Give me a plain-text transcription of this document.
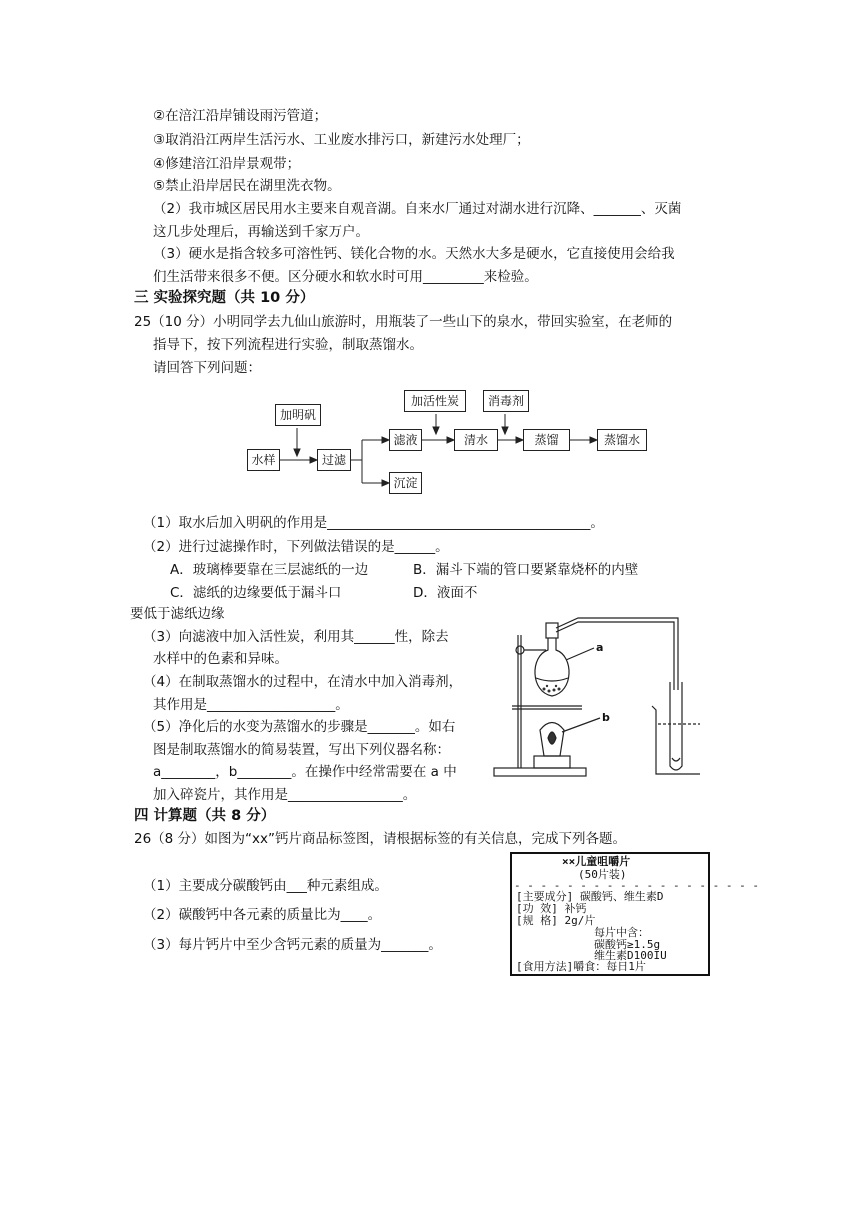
②在涪江沿岸铺设雨污管道；
③取消沿江两岸生活污水、工业废水排污口，新建污水处理厂；
④修建涪江沿岸景观带；
⑤禁止沿岸居民在湖里洗衣物。
（2）我市城区居民用水主要来自观音湖。自来水厂通过对湖水进行沉降、_______、灭菌
这几步处理后，再输送到千家万户。
（3）硬水是指含较多可溶性钙、镁化合物的水。天然水大多是硬水，它直接使用会给我
们生活带来很多不便。区分硬水和软水时可用_________来检验。
三 实验探究题（共 10 分）
25（10 分）小明同学去九仙山旅游时，用瓶装了一些山下的泉水，带回实验室，在老师的
指导下，按下列流程进行实验，制取蒸馏水。
请回答下列问题：
加明矾
加活性炭	消毒剂
水样	过滤
滤液	清水	蒸馏	蒸馏水
沉淀
（1）取水后加入明矾的作用是_______________________________________。
（2）进行过滤操作时，下列做法错误的是______。
A．玻璃棒要靠在三层滤纸的一边	B．漏斗下端的管口要紧靠烧杯的内壁
C．滤纸的边缘要低于漏斗口	D．液面不
要低于滤纸边缘
（3）向滤液中加入活性炭，利用其______性，除去
水样中的色素和异味。
（4）在制取蒸馏水的过程中，在清水中加入消毒剂，
其作用是___________________。
（5）净化后的水变为蒸馏水的步骤是_______。如右
图是制取蒸馏水的简易装置，写出下列仪器名称：
a________，b________。在操作中经常需要在 a 中
加入碎瓷片，其作用是_________________。
a
b
四 计算题（共 8 分）
26（8 分）如图为“xx”钙片商品标签图，请根据标签的有关信息，完成下列各题。
（1）主要成分碳酸钙由___种元素组成。
（2）碳酸钙中各元素的质量比为____。
（3）每片钙片中至少含钙元素的质量为_______。
××儿童咀嚼片
(50片装)
- - - - - - - - - - - - - - - - - - -
[主要成分] 碳酸钙、维生素D
[功 效] 补钙
[规 格] 2g/片
每片中含：
碳酸钙≥1.5g
维生素D100IU
[食用方法]嚼食：每日1片
